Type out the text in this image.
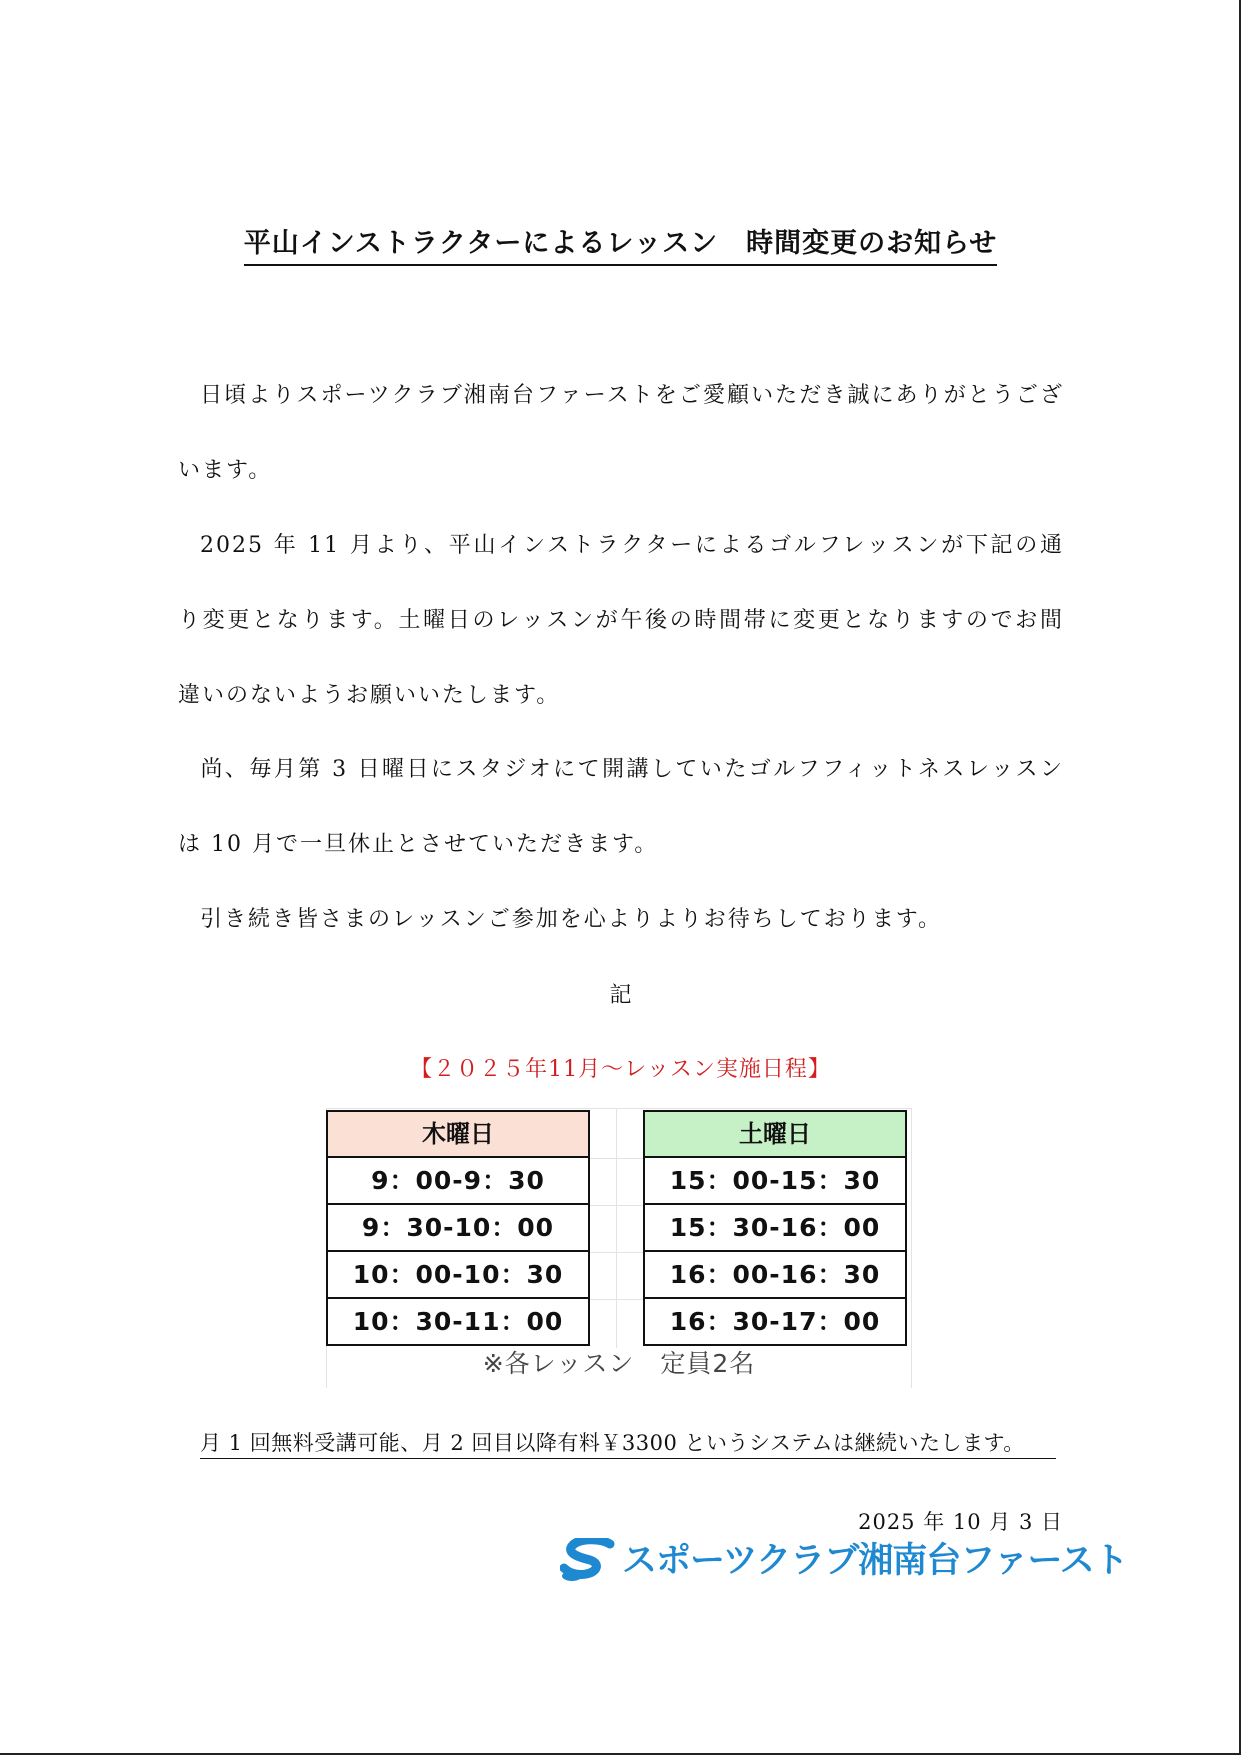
平山インストラクターによるレッスン　時間変更のお知らせ
日頃よりスポーツクラブ湘南台ファーストをご愛顧いただき誠にありがとうございます。
2025 年 11 月より、平山インストラクターによるゴルフレッスンが下記の通り変更となります。土曜日のレッスンが午後の時間帯に変更となりますのでお間違いのないようお願いいたします。
尚、毎月第 3 日曜日にスタジオにて開講していたゴルフフィットネスレッスンは 10 月で一旦休止とさせていただきます。
引き続き皆さまのレッスンご参加を心よりよりお待ちしております。
記
【２０２５年11月～レッスン実施日程】
木曜日
9：00-9：30
9：30-10：00
10：00-10：30
10：30-11：00
土曜日
15：00-15：30
15：30-16：00
16：00-16：30
16：30-17：00
※各レッスン　定員2名
月 1 回無料受講可能、月 2 回目以降有料￥3300 というシステムは継続いたします。
2025 年 10 月 3 日
スポーツクラブ湘南台ファースト
